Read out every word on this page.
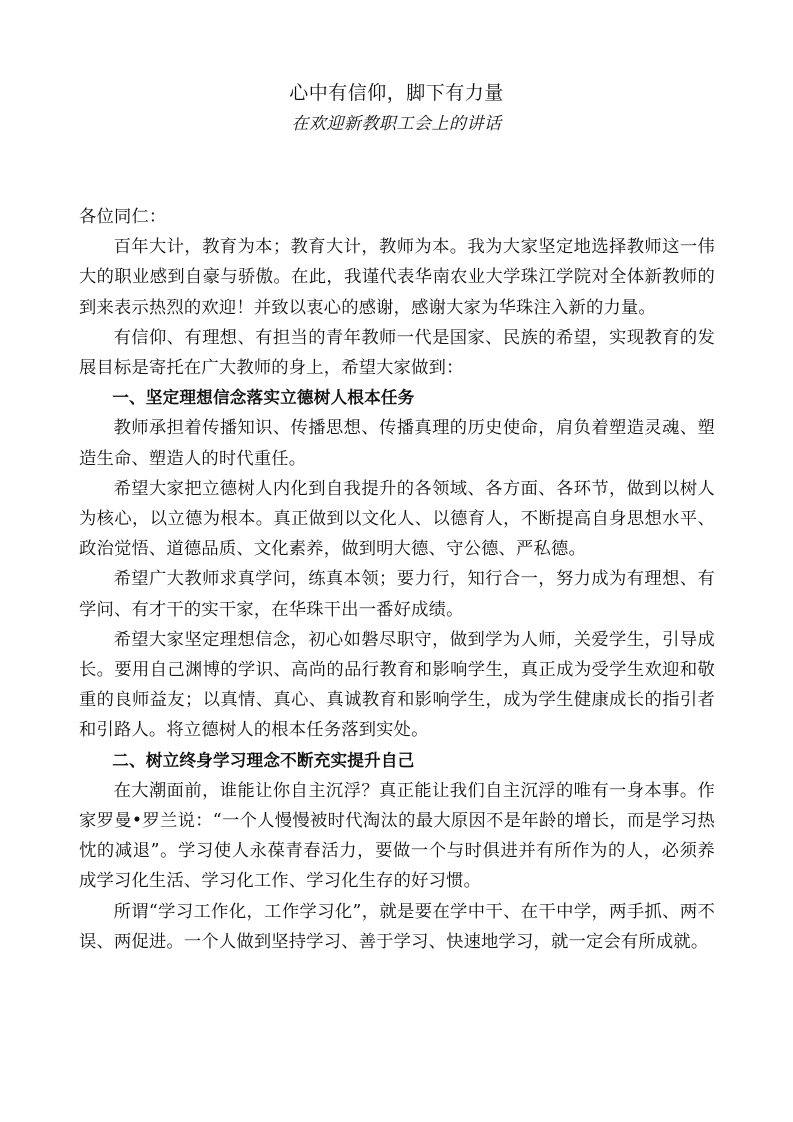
心中有信仰，脚下有力量
在欢迎新教职工会上的讲话

各位同仁：

百年大计，教育为本；教育大计，教师为本。我为大家坚定地选择教师这一伟大的职业感到自豪与骄傲。在此，我谨代表华南农业大学珠江学院对全体新教师的到来表示热烈的欢迎！并致以衷心的感谢，感谢大家为华珠注入新的力量。

有信仰、有理想、有担当的青年教师一代是国家、民族的希望，实现教育的发展目标是寄托在广大教师的身上，希望大家做到：

一、坚定理想信念落实立德树人根本任务

教师承担着传播知识、传播思想、传播真理的历史使命，肩负着塑造灵魂、塑造生命、塑造人的时代重任。

希望大家把立德树人内化到自我提升的各领域、各方面、各环节，做到以树人为核心，以立德为根本。真正做到以文化人、以德育人，不断提高自身思想水平、政治觉悟、道德品质、文化素养，做到明大德、守公德、严私德。

希望广大教师求真学问，练真本领；要力行，知行合一，努力成为有理想、有学问、有才干的实干家，在华珠干出一番好成绩。

希望大家坚定理想信念，初心如磐尽职守，做到学为人师，关爱学生，引导成长。要用自己渊博的学识、高尚的品行教育和影响学生，真正成为受学生欢迎和敬重的良师益友；以真情、真心、真诚教育和影响学生，成为学生健康成长的指引者和引路人。将立德树人的根本任务落到实处。

二、树立终身学习理念不断充实提升自己

在大潮面前，谁能让你自主沉浮？真正能让我们自主沉浮的唯有一身本事。作家罗曼•罗兰说：“一个人慢慢被时代淘汰的最大原因不是年龄的增长，而是学习热忱的减退”。学习使人永葆青春活力，要做一个与时俱进并有所作为的人，必须养成学习化生活、学习化工作、学习化生存的好习惯。

所谓“学习工作化，工作学习化”，就是要在学中干、在干中学，两手抓、两不误、两促进。一个人做到坚持学习、善于学习、快速地学习，就一定会有所成就。
